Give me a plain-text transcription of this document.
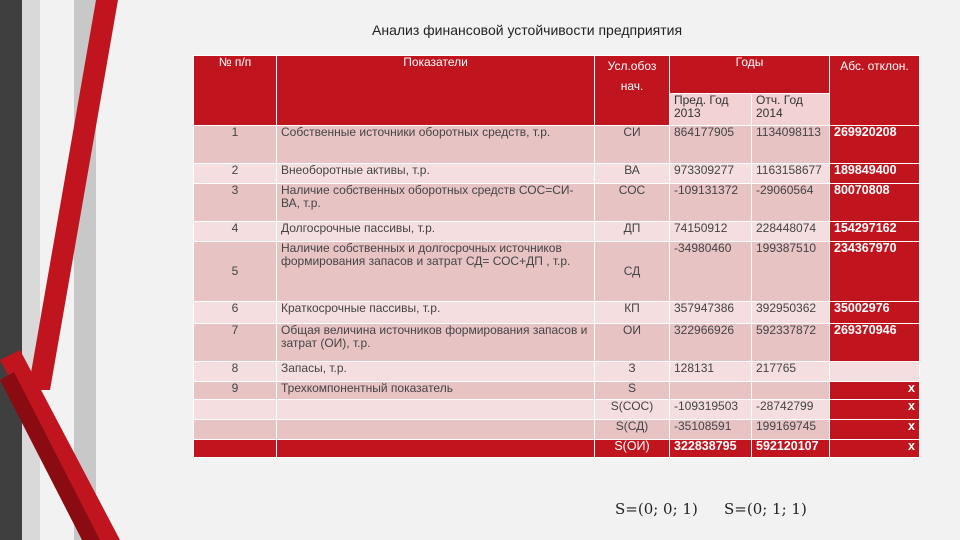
Анализ финансовой устойчивости предприятия
№ п/п	Показатели	Усл.обоз нач.	Годы		Абс. отклон.
			Пред. Год 2013	Отч. Год 2014	
1	Собственные источники оборотных средств, т.р.	СИ	864177905	1134098113	269920208
2	Внеоборотные активы, т.р.	ВА	973309277	1163158677	189849400
3	Наличие собственных оборотных средств СОС=СИ-ВА, т.р.	СОС	-109131372	-29060564	80070808
4	Долгосрочные пассивы, т.р.	ДП	74150912	228448074	154297162
5	Наличие собственных и долгосрочных источников формирования запасов и затрат СД= СОС+ДП , т.р.	СД	-34980460	199387510	234367970
6	Краткосрочные пассивы, т.р.	КП	357947386	392950362	35002976
7	Общая величина источников формирования запасов и затрат (ОИ), т.р.	ОИ	322966926	592337872	269370946
8	Запасы, т.р.	З	128131	217765	
9	Трехкомпонентный показатель	S			х
		S(СОС)	-109319503	-28742799	х
		S(СД)	-35108591	199169745	х
		S(ОИ)	322838795	592120107	х
S=(0; 0; 1) S=(0; 1; 1)
